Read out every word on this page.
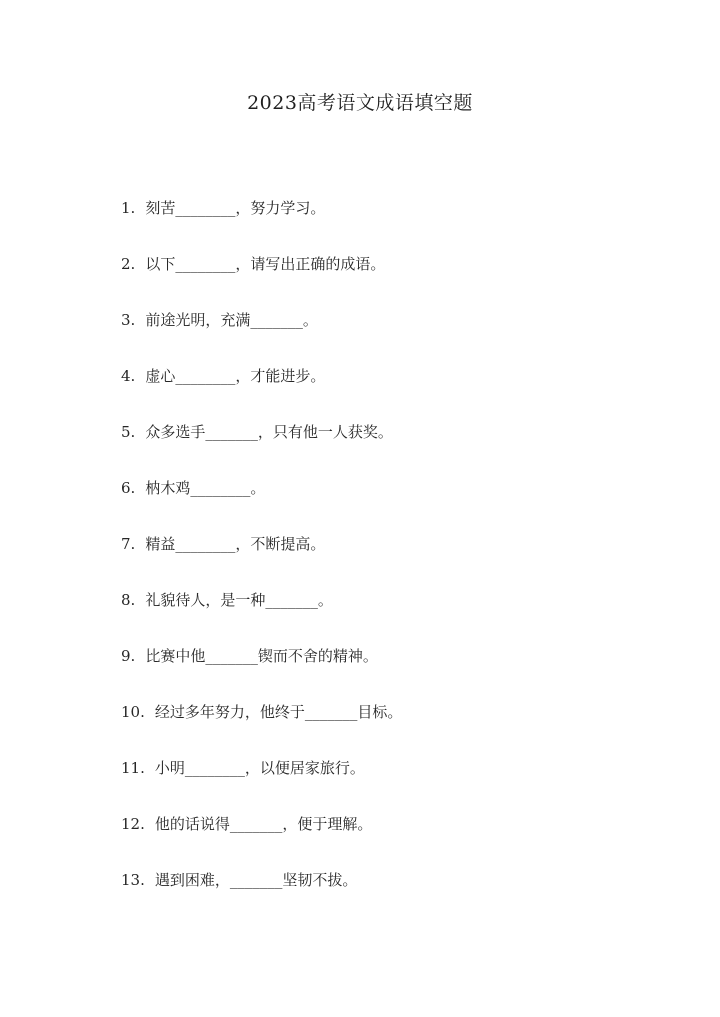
2023高考语文成语填空题
1. 刻苦________，努力学习。
2. 以下________，请写出正确的成语。
3. 前途光明，充满_______。
4. 虚心________，才能进步。
5. 众多选手_______，只有他一人获奖。
6. 枘木鸡________。
7. 精益________，不断提高。
8. 礼貌待人，是一种_______。
9. 比赛中他_______锲而不舍的精神。
10. 经过多年努力，他终于_______目标。
11. 小明________，以便居家旅行。
12. 他的话说得_______，便于理解。
13. 遇到困难，_______坚韧不拔。
